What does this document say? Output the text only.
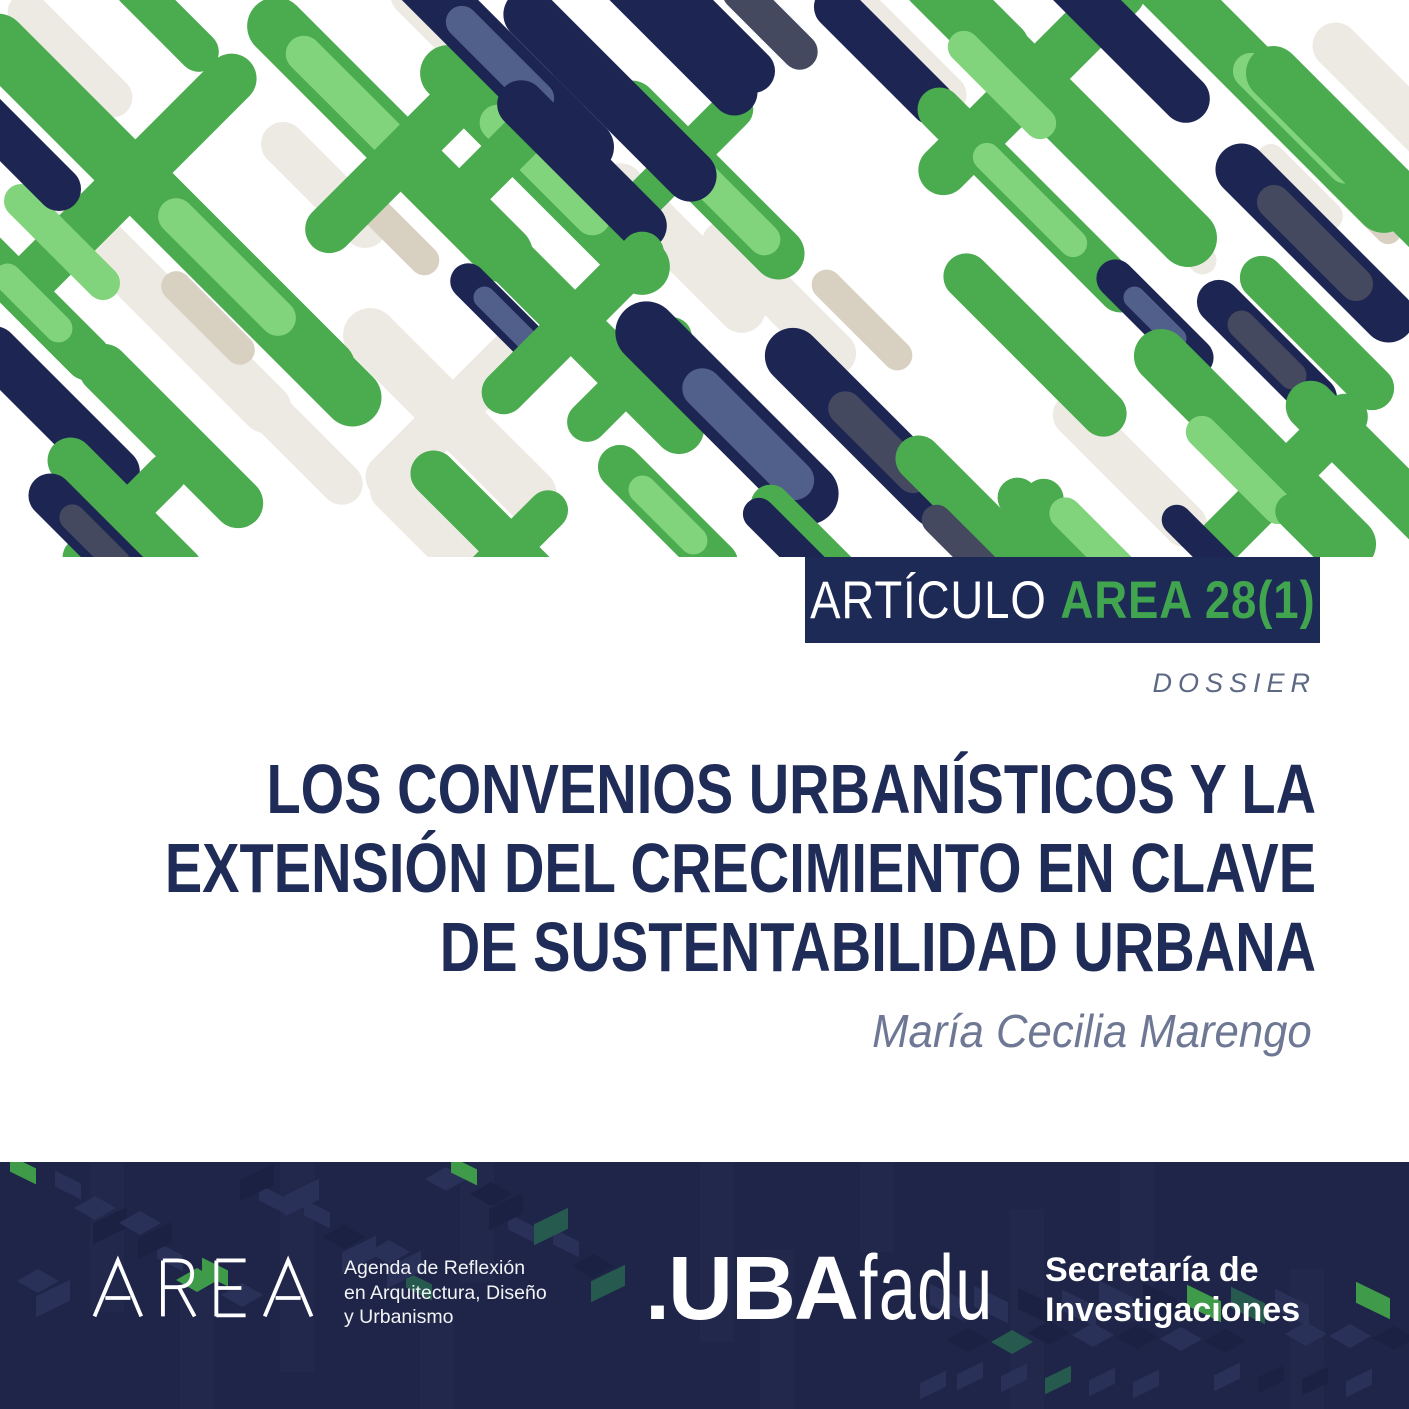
ARTÍCULO AREA 28(1)
DOSSIER
LOS CONVENIOS URBANÍSTICOS Y LA
EXTENSIÓN DEL CRECIMIENTO EN CLAVE
DE SUSTENTABILIDAD URBANA
María Cecilia Marengo
Agenda de Reflexión
en Arquitectura, Diseño
y Urbanismo	.UBA fadu Secretaría de
Investigaciones
